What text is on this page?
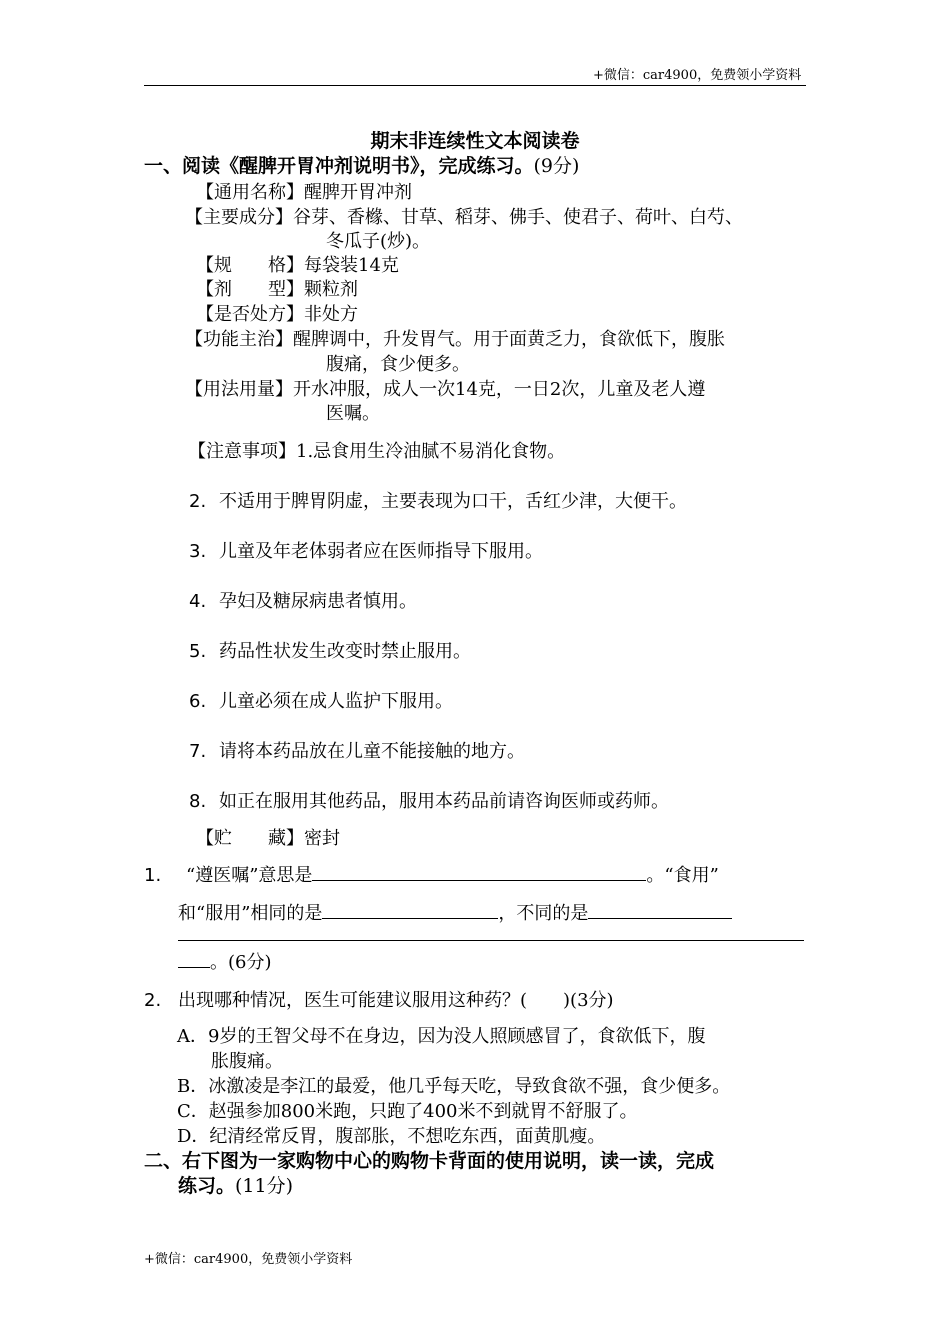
+微信：car4900，免费领小学资料
期末非连续性文本阅读卷
一、阅读《醒脾开胃冲剂说明书》，完成练习。(9分)
【通用名称】醒脾开胃冲剂
【主要成分】谷芽、香橼、甘草、稻芽、佛手、使君子、荷叶、白芍、
冬瓜子(炒)。
【规　　格】每袋装14克
【剂　　型】颗粒剂
【是否处方】非处方
【功能主治】醒脾调中，升发胃气。用于面黄乏力，食欲低下，腹胀
腹痛，食少便多。
【用法用量】开水冲服，成人一次14克，一日2次，儿童及老人遵
医嘱。
【注意事项】1.忌食用生冷油腻不易消化食物。
2. 不适用于脾胃阴虚，主要表现为口干，舌红少津，大便干。
3. 儿童及年老体弱者应在医师指导下服用。
4. 孕妇及糖尿病患者慎用。
5. 药品性状发生改变时禁止服用。
6. 儿童必须在成人监护下服用。
7. 请将本药品放在儿童不能接触的地方。
8. 如正在服用其他药品，服用本药品前请咨询医师或药师。
【贮　　藏】密封
1. “遵医嘱”意思是	。“食用”
和“服用”相同的是	，不同的是
。(6分)
2. 出现哪种情况，医生可能建议服用这种药？(　　)(3分)
A．9岁的王智父母不在身边，因为没人照顾感冒了，食欲低下，腹
胀腹痛。
B．冰激凌是李江的最爱，他几乎每天吃，导致食欲不强，食少便多。
C．赵强参加800米跑，只跑了400米不到就胃不舒服了。
D．纪清经常反胃，腹部胀，不想吃东西，面黄肌瘦。
二、右下图为一家购物中心的购物卡背面的使用说明，读一读，完成
练习。(11分)
+微信：car4900，免费领小学资料
